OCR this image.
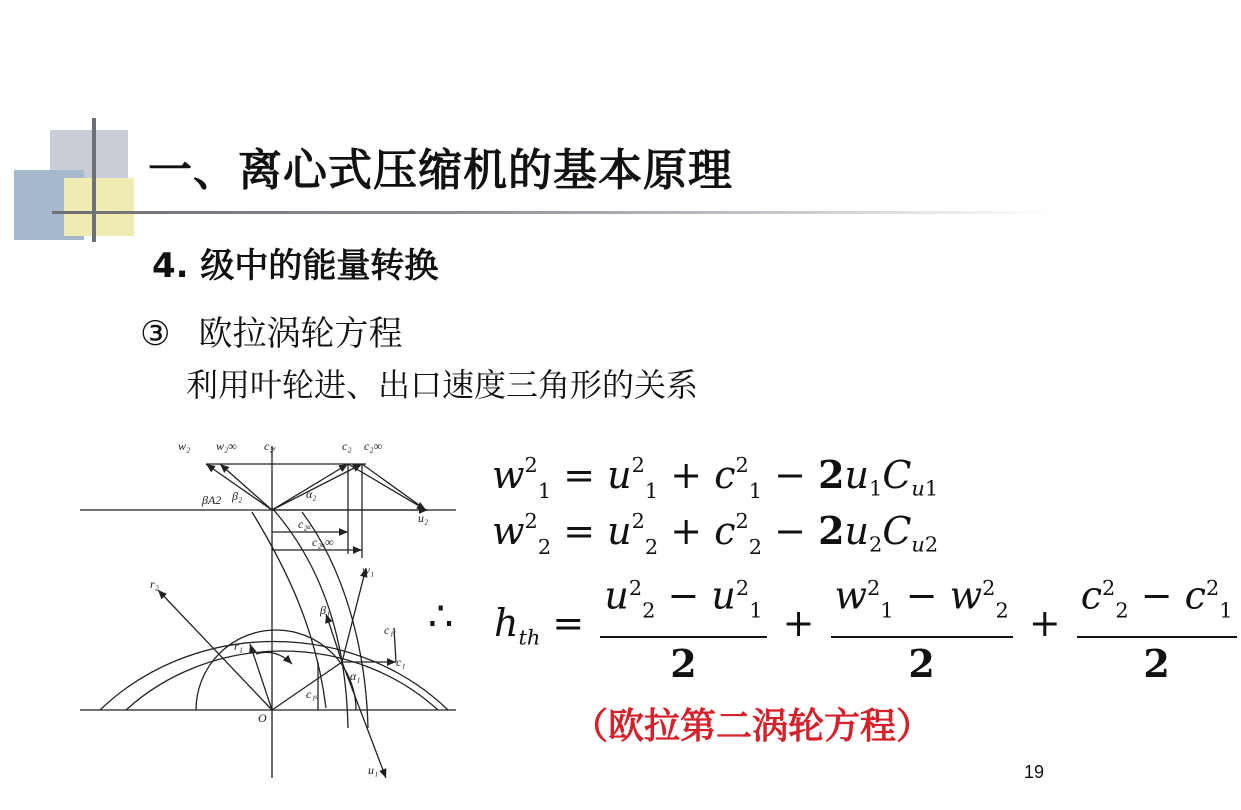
一、离心式压缩机的基本原理
4. 级中的能量转换
③ 欧拉涡轮方程
利用叶轮进、出口速度三角形的关系
w₂ w₂∞ c₂ᵣ	c₂ c₂∞
βA2 β₂	α₂
u₂
c₂ᵤ
c₂ᵤ∞
r₂
w₁
β₁
c₁ᵣ
r₁
c₁
α₁
c₁ᵤ
O
u₁
∴
$w^2_1 = u^2_1 + c^2_1 - 2u_1C_{u1}$
$w^2_2 = u^2_2 + c^2_2 - 2u_2C_{u2}$
$h_{th} = \frac{u^2_2 - u^2_1}{2} + \frac{w^2_1 - w^2_2}{2} + \frac{c^2_2 - c^2_1}{2}$
（欧拉第二涡轮方程）
19
